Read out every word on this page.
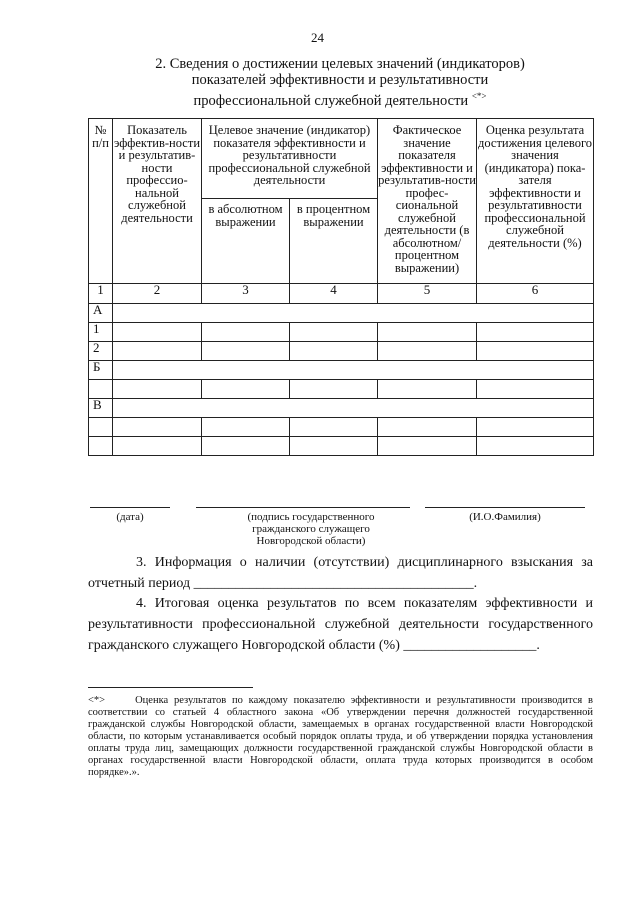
24
2. Сведения о достижении целевых значений (индикаторов)
показателей эффективности и результативности
профессиональной служебной деятельности <*>
№ п/п	Показатель эффектив-ности и результатив-ности профессио-нальной служебной деятельности	Целевое значение (индикатор) показателя эффективности и результативности профессиональной служебной деятельности		Фактическое значение показателя эффективности и результатив-ности профес-сиональной служебной деятельности (в абсолютном/ процентном выражении)	Оценка результата достижения целевого значения (индикатора) пока-зателя эффективности и результативности профессиональной служебной деятельности (%)
		в абсолютном выражении	в процентном выражении		
1	2	3	4	5	6
А					
1					
2					
Б					

В					

(дата)	(подпись государственного гражданского служащего Новгородской области)
(И.О.Фамилия)
3. Информация о наличии (отсутствии) дисциплинарного взыскания за отчетный период ________________________________________.
4. Итоговая оценка результатов по всем показателям эффективности и результативности профессиональной служебной деятельности государственного гражданского служащего Новгородской области (%) ___________________.
<*>	Оценка результатов по каждому показателю эффективности и результативности производится в соответствии со статьей 4 областного закона «Об утверждении перечня должностей государственной гражданской службы Новгородской области, замещаемых в органах государственной власти Новгородской области, по которым устанавливается особый порядок оплаты труда, и об утверждении порядка установления оплаты труда лиц, замещающих должности государственной гражданской службы Новгородской области в органах государственной власти Новгородской области, оплата труда которых производится в особом порядке».».
